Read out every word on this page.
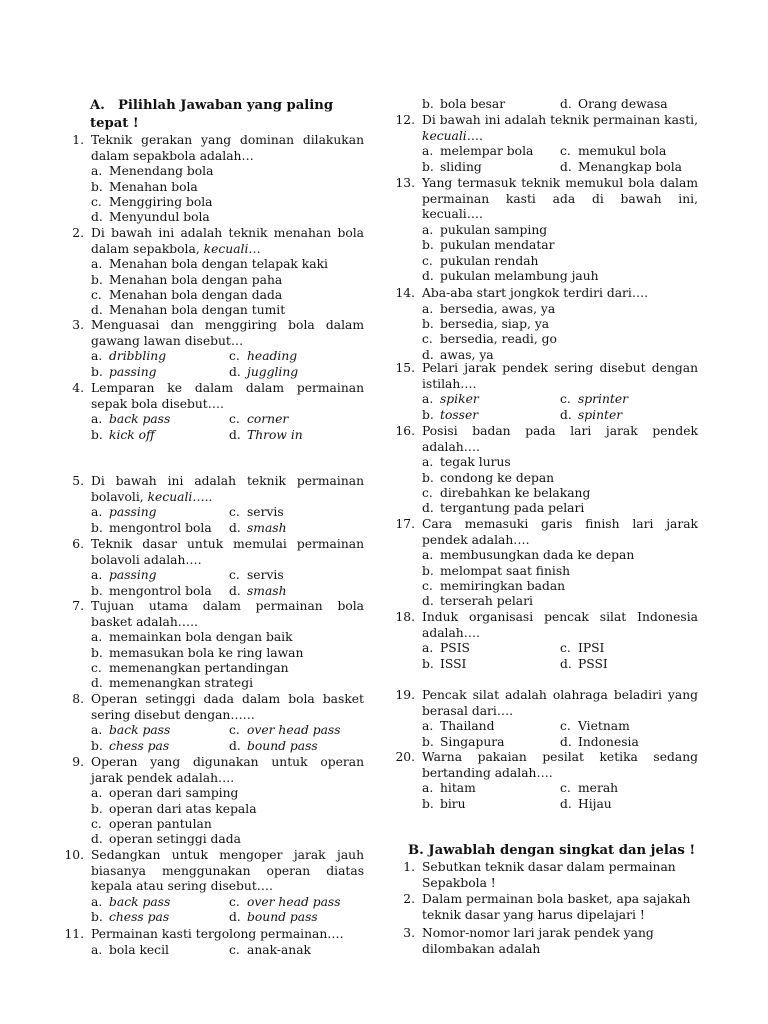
A. Pilihlah Jawaban yang paling tepat !
1. Teknik gerakan yang dominan dilakukan dalam sepakbola adalah…
a. Menendang bola
b. Menahan bola
c. Menggiring bola
d. Menyundul bola
2. Di bawah ini adalah teknik menahan bola dalam sepakbola, kecuali…
a. Menahan bola dengan telapak kaki
b. Menahan bola dengan paha
c. Menahan bola dengan dada
d. Menahan bola dengan tumit
3. Menguasai dan menggiring bola dalam gawang lawan disebut…
a. dribbling	c. heading
b. passing	d. juggling
4. Lemparan ke dalam dalam permainan sepak bola disebut….
a. back pass	c. corner
b. kick off	d. Throw in
5. Di bawah ini adalah teknik permainan bolavoli, kecuali…..
a. passing	c. servis
b. mengontrol bola d. smash
6. Teknik dasar untuk memulai permainan bolavoli adalah….
a. passing	c. servis
b. mengontrol bola d. smash
7. Tujuan utama dalam permainan bola basket adalah…..
a. memainkan bola dengan baik
b. memasukan bola ke ring lawan
c. memenangkan pertandingan
d. memenangkan strategi
8. Operan setinggi dada dalam bola basket sering disebut dengan……
a. back pass	c. over head pass
b. chess pas	d. bound pass
9. Operan yang digunakan untuk operan jarak pendek adalah….
a. operan dari samping
b. operan dari atas kepala
c. operan pantulan
d. operan setinggi dada
10. Sedangkan untuk mengoper jarak jauh biasanya menggunakan operan diatas kepala atau sering disebut….
a. back pass	c. over head pass
b. chess pas	d. bound pass
11. Permainan kasti tergolong permainan….
a. bola kecil	c. anak-anak
b. bola besar	d. Orang dewasa
12. Di bawah ini adalah teknik permainan kasti, kecuali….
a. melempar bola c. memukul bola
b. sliding	d. Menangkap bola
13. Yang termasuk teknik memukul bola dalam permainan kasti ada di bawah ini, kecuali….
a. pukulan samping
b. pukulan mendatar
c. pukulan rendah
d. pukulan melambung jauh
14. Aba-aba start jongkok terdiri dari….
a. bersedia, awas, ya
b. bersedia, siap, ya
c. bersedia, readi, go
d. awas, ya
15. Pelari jarak pendek sering disebut dengan istilah….
a. spiker	c. sprinter
b. tosser	d. spinter
16. Posisi badan pada lari jarak pendek adalah….
a. tegak lurus
b. condong ke depan
c. direbahkan ke belakang
d. tergantung pada pelari
17. Cara memasuki garis finish lari jarak pendek adalah….
a. membusungkan dada ke depan
b. melompat saat finish
c. memiringkan badan
d. terserah pelari
18. Induk organisasi pencak silat Indonesia adalah….
a. PSIS	c. IPSI
b. ISSI	d. PSSI
19. Pencak silat adalah olahraga beladiri yang berasal dari….
a. Thailand	c. Vietnam
b. Singapura	d. Indonesia
20. Warna pakaian pesilat ketika sedang bertanding adalah….
a. hitam	c. merah
b. biru	d. Hijau
B. Jawablah dengan singkat dan jelas !
1. Sebutkan teknik dasar dalam permainan Sepakbola !
2. Dalam permainan bola basket, apa sajakah teknik dasar yang harus dipelajari !
3. Nomor-nomor lari jarak pendek yang dilombakan adalah
